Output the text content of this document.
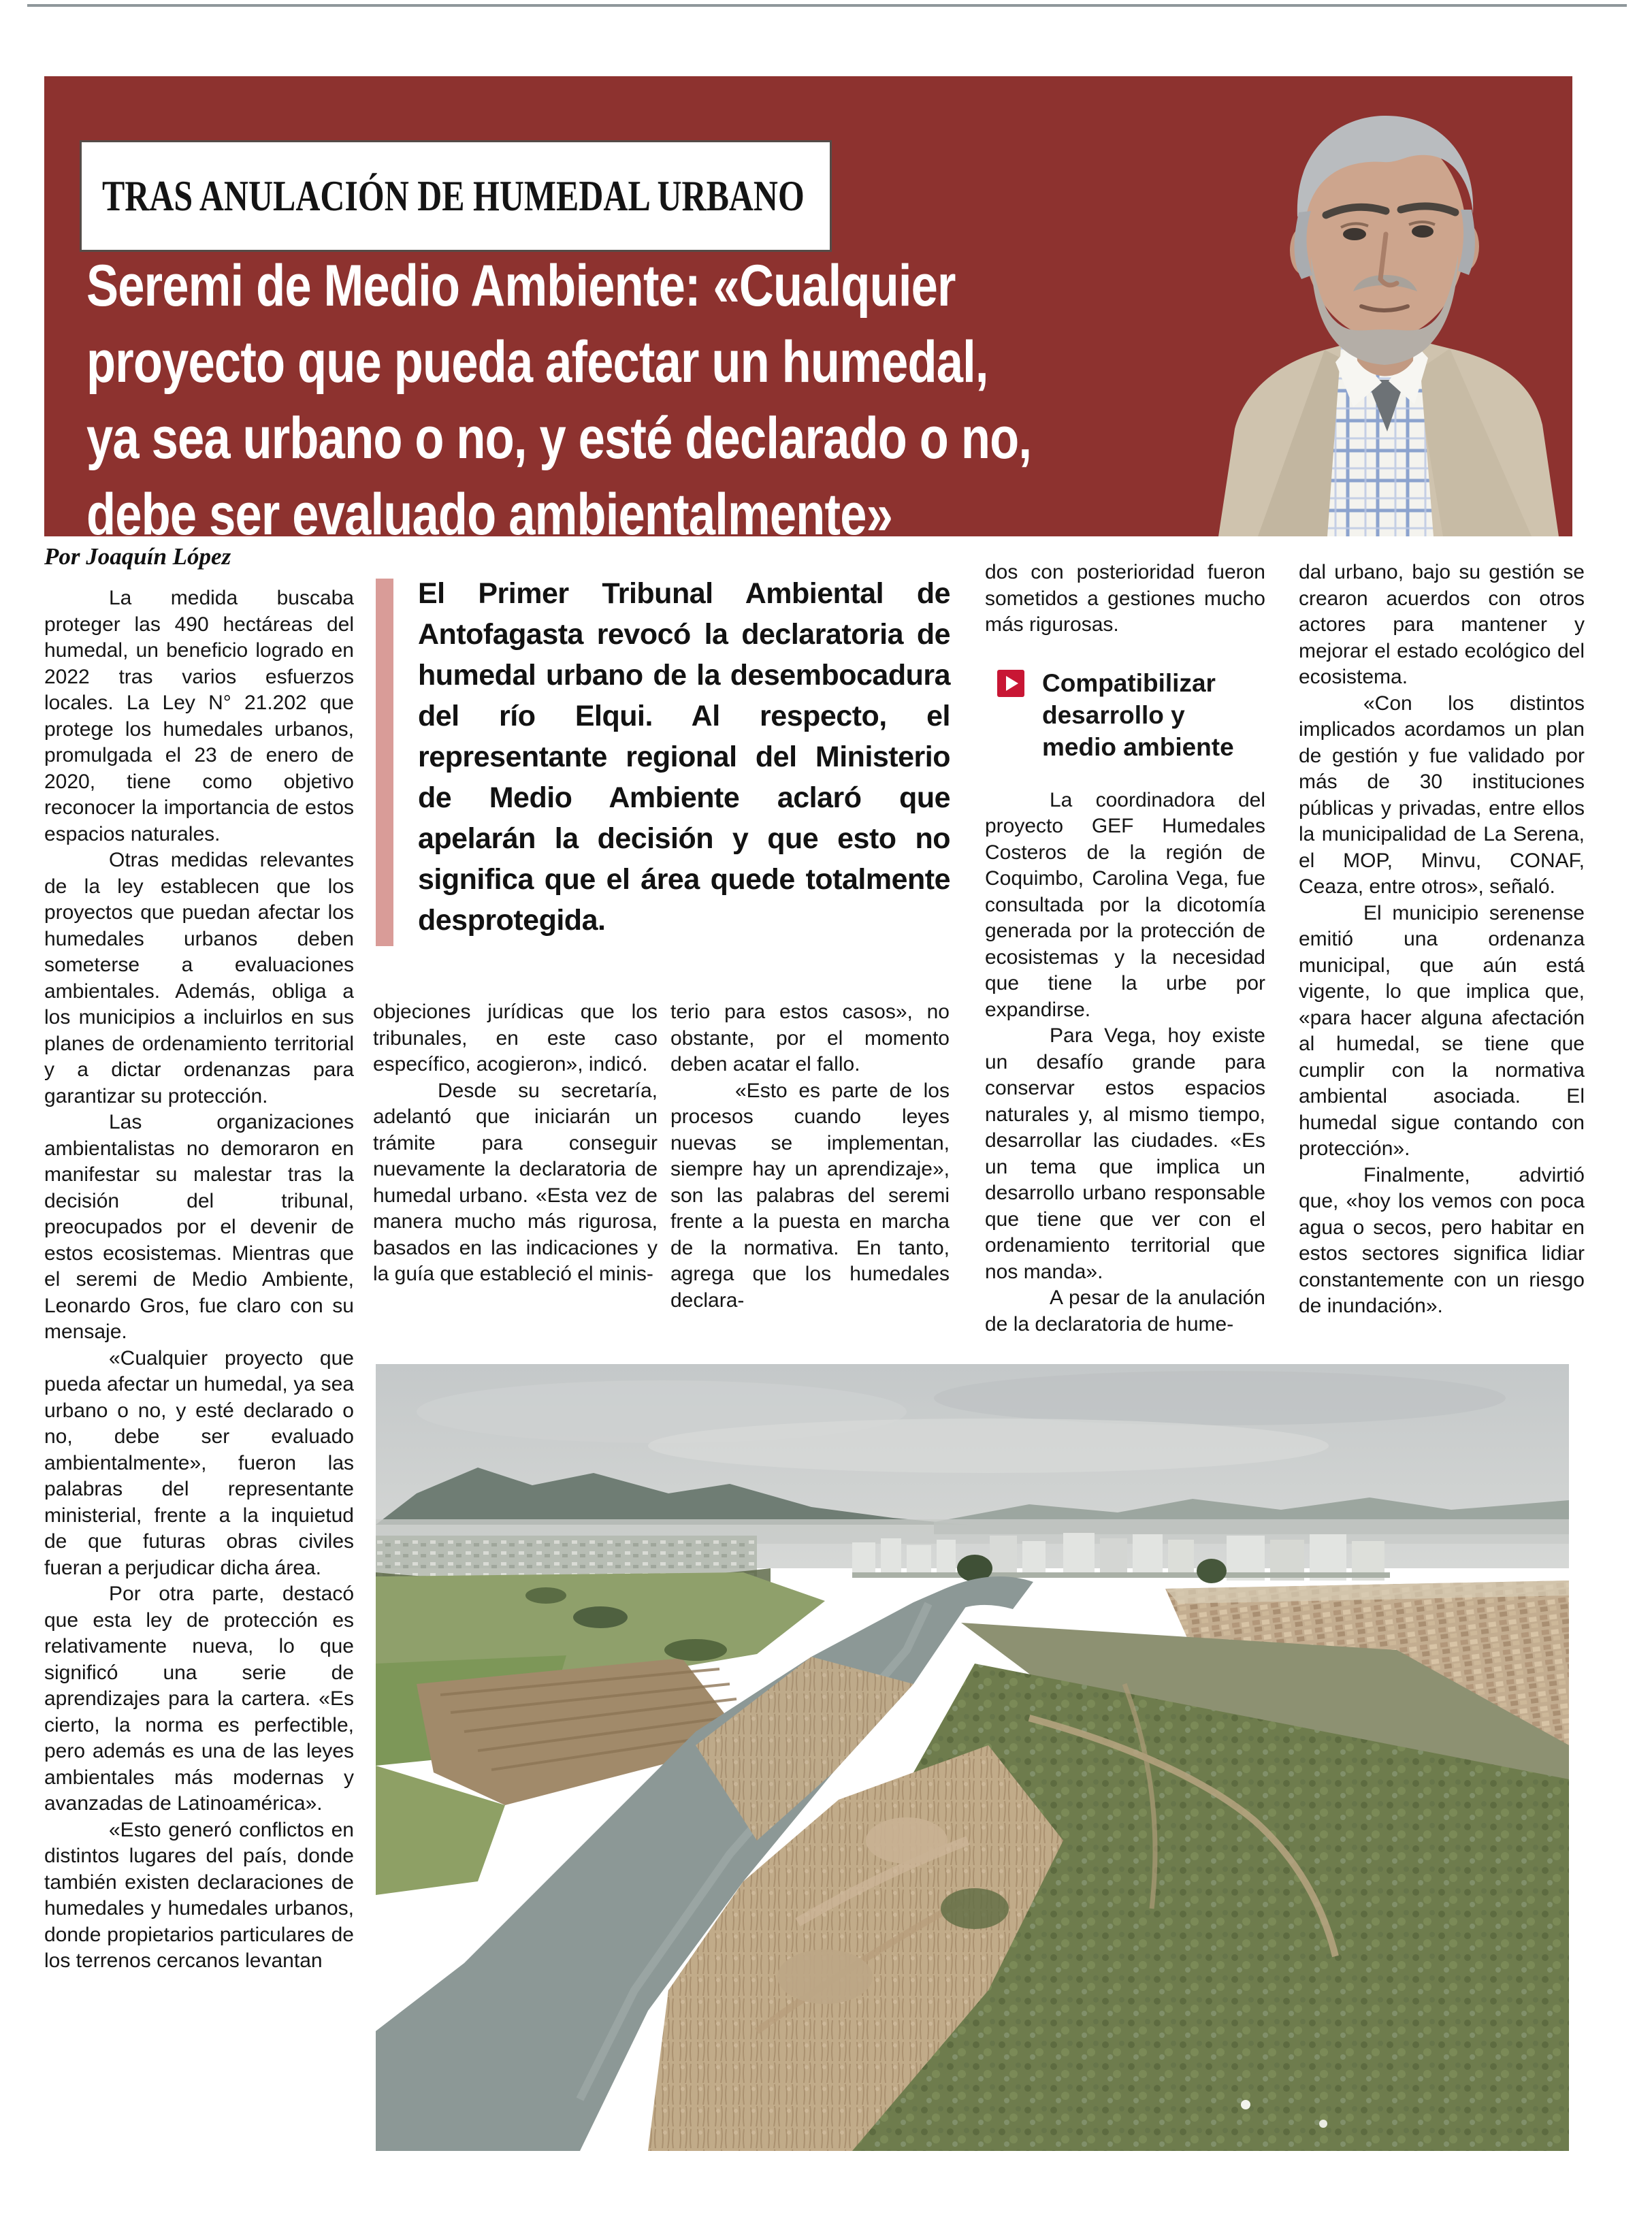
TRAS ANULACIÓN DE HUMEDAL URBANO
Seremi de Medio Ambiente: «Cualquier
proyecto que pueda afectar un humedal,
ya sea urbano o no, y esté declarado o no,
debe ser evaluado ambientalmente»
Por Joaquín López

El Primer Tribunal Ambiental de Antofagasta revocó la declaratoria de humedal urbano de la desembocadura del río Elqui. Al respecto, el representante regional del Ministerio de Medio Ambiente aclaró que apelarán la decisión y que esto no significa que el área quede totalmente desprotegida.

La medida buscaba proteger las 490 hectáreas del humedal, un beneficio logrado en 2022 tras varios esfuerzos locales. La Ley N° 21.202 que protege los humedales urbanos, promulgada el 23 de enero de 2020, tiene como objetivo reconocer la importancia de estos espacios naturales.

Otras medidas relevantes de la ley establecen que los proyectos que puedan afectar los humedales urbanos deben someterse a evaluaciones ambientales. Además, obliga a los municipios a incluirlos en sus planes de ordenamiento territorial y a dictar ordenanzas para garantizar su protección.

Las organizaciones ambientalistas no demoraron en manifestar su malestar tras la decisión del tribunal, preocupados por el devenir de estos ecosistemas. Mientras que el seremi de Medio Ambiente, Leonardo Gros, fue claro con su mensaje.

«Cualquier proyecto que pueda afectar un humedal, ya sea urbano o no, y esté declarado o no, debe ser evaluado ambientalmente», fueron las palabras del representante ministerial, frente a la inquietud de que futuras obras civiles fueran a perjudicar dicha área.

Por otra parte, destacó que esta ley de protección es relativamente nueva, lo que significó una serie de aprendizajes para la cartera. «Es cierto, la norma es perfectible, pero además es una de las leyes ambientales más modernas y avanzadas de Latinoamérica».

«Esto generó conflictos en distintos lugares del país, donde también existen declaraciones de humedales y humedales urbanos, donde propietarios particulares de los terrenos cercanos levantan

objeciones jurídicas que los tribunales, en este caso específico, acogieron», indicó.

Desde su secretaría, adelantó que iniciarán un trámite para conseguir nuevamente la declaratoria de humedal urbano. «Esta vez de manera mucho más rigurosa, basados en las indicaciones y la guía que estableció el minis-

terio para estos casos», no obstante, por el momento deben acatar el fallo.

«Esto es parte de los procesos cuando leyes nuevas se implementan, siempre hay un aprendizaje», son las palabras del seremi frente a la puesta en marcha de la normativa. En tanto, agrega que los humedales declara-

dos con posterioridad fueron sometidos a gestiones mucho más rigurosas.

Compatibilizar
desarrollo y
medio ambiente

La coordinadora del proyecto GEF Humedales Costeros de la región de Coquimbo, Carolina Vega, fue consultada por la dicotomía generada por la protección de ecosistemas y la necesidad que tiene la urbe por expandirse.

Para Vega, hoy existe un desafío grande para conservar estos espacios naturales y, al mismo tiempo, desarrollar las ciudades. «Es un tema que implica un desarrollo urbano responsable que tiene que ver con el ordenamiento territorial que nos manda».

A pesar de la anulación de la declaratoria de hume-

dal urbano, bajo su gestión se crearon acuerdos con otros actores para mantener y mejorar el estado ecológico del ecosistema.

«Con los distintos implicados acordamos un plan de gestión y fue validado por más de 30 instituciones públicas y privadas, entre ellos la municipalidad de La Serena, el MOP, Minvu, CONAF, Ceaza, entre otros», señaló.

El municipio serenense emitió una ordenanza municipal, que aún está vigente, lo que implica que, «para hacer alguna afectación al humedal, se tiene que cumplir con la normativa ambiental asociada. El humedal sigue contando con protección».

Finalmente, advirtió que, «hoy los vemos con poca agua o secos, pero habitar en estos sectores significa lidiar constantemente con un riesgo de inundación».
